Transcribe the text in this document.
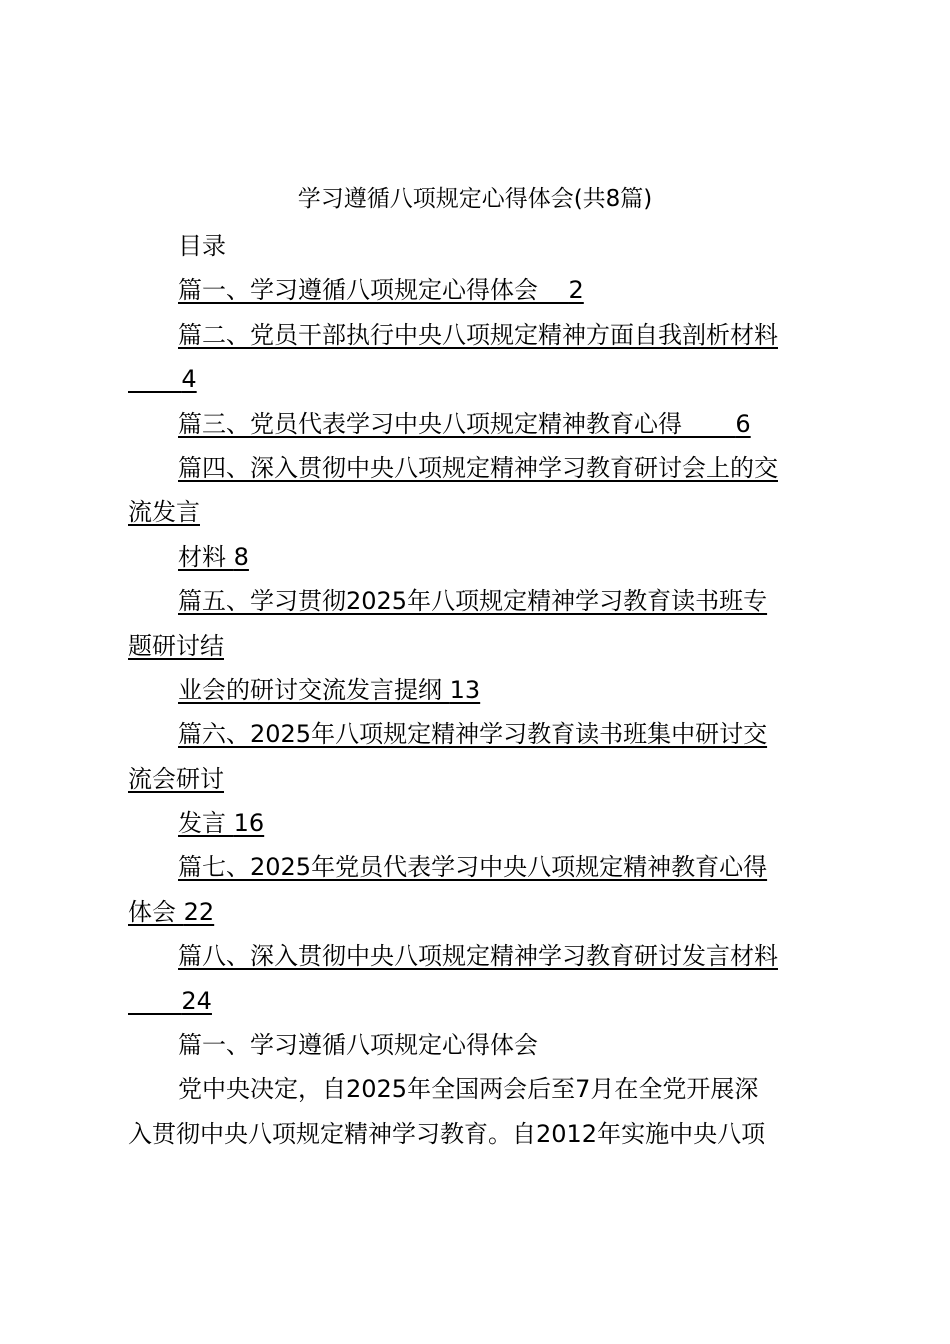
学习遵循八项规定心得体会(共8篇)
目录
篇一、学习遵循八项规定心得体会 2
篇二、党员干部执行中央八项规定精神方面自我剖析材料
4
篇三、党员代表学习中央八项规定精神教育心得 6
篇四、深入贯彻中央八项规定精神学习教育研讨会上的交
流发言
材料 8
篇五、学习贯彻2025年八项规定精神学习教育读书班专
题研讨结
业会的研讨交流发言提纲 13
篇六、2025年八项规定精神学习教育读书班集中研讨交
流会研讨
发言 16
篇七、2025年党员代表学习中央八项规定精神教育心得
体会 22
篇八、深入贯彻中央八项规定精神学习教育研讨发言材料
24
篇一、学习遵循八项规定心得体会
党中央决定，自2025年全国两会后至7月在全党开展深
入贯彻中央八项规定精神学习教育。自2012年实施中央八项
